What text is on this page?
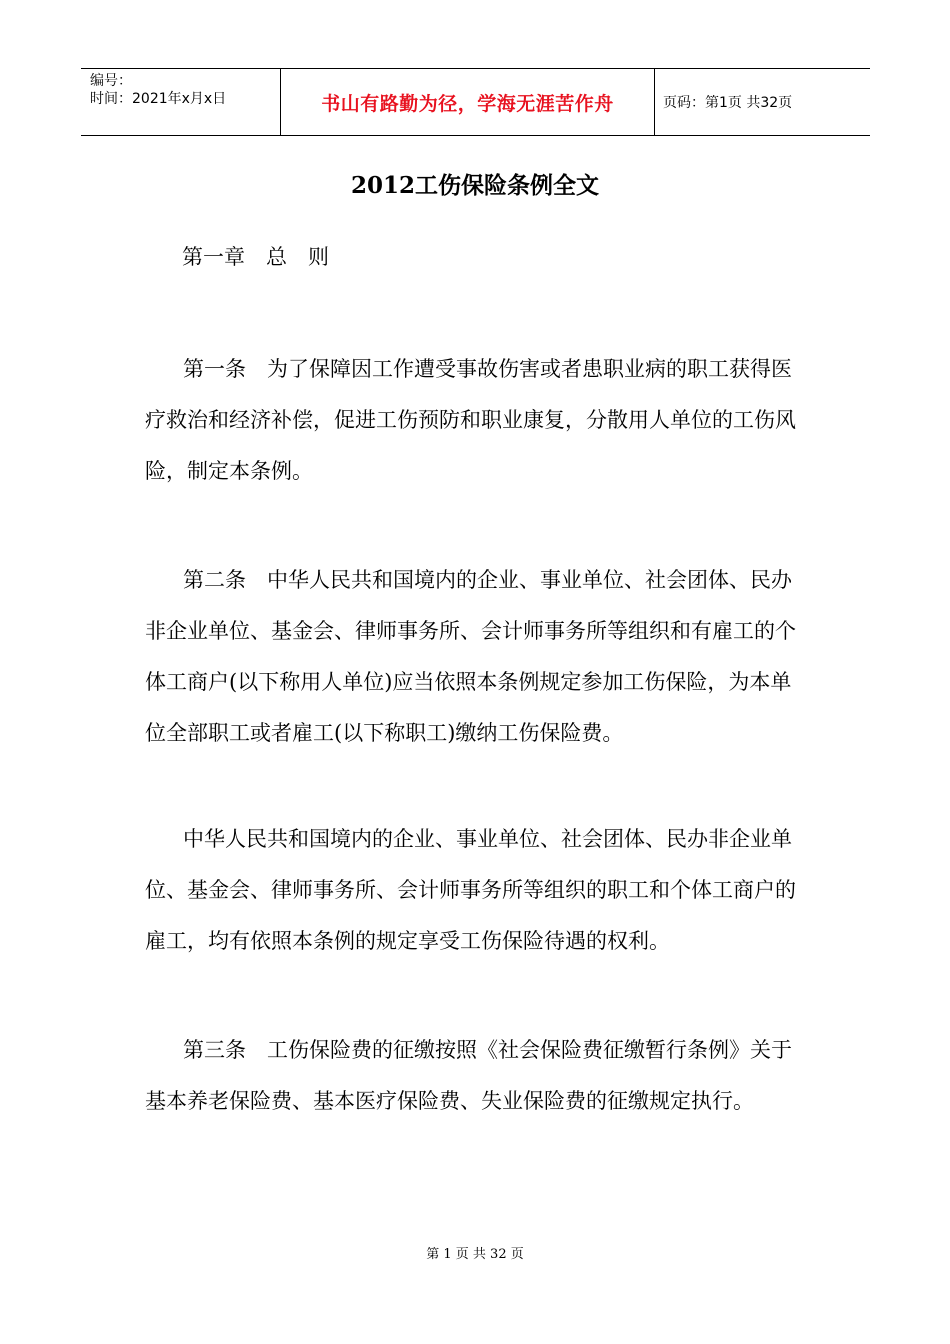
编号：
时间：2021年x月x日	书山有路勤为径，学海无涯苦作舟	页码：第1页 共32页
2012工伤保险条例全文
第一章　总　则

第一条　为了保障因工作遭受事故伤害或者患职业病的职工获得医疗救治和经济补偿，促进工伤预防和职业康复，分散用人单位的工伤风险，制定本条例。

第二条　中华人民共和国境内的企业、事业单位、社会团体、民办非企业单位、基金会、律师事务所、会计师事务所等组织和有雇工的个体工商户(以下称用人单位)应当依照本条例规定参加工伤保险，为本单位全部职工或者雇工(以下称职工)缴纳工伤保险费。

中华人民共和国境内的企业、事业单位、社会团体、民办非企业单位、基金会、律师事务所、会计师事务所等组织的职工和个体工商户的雇工，均有依照本条例的规定享受工伤保险待遇的权利。

第三条　工伤保险费的征缴按照《社会保险费征缴暂行条例》关于基本养老保险费、基本医疗保险费、失业保险费的征缴规定执行。

第 1 页 共 32 页
